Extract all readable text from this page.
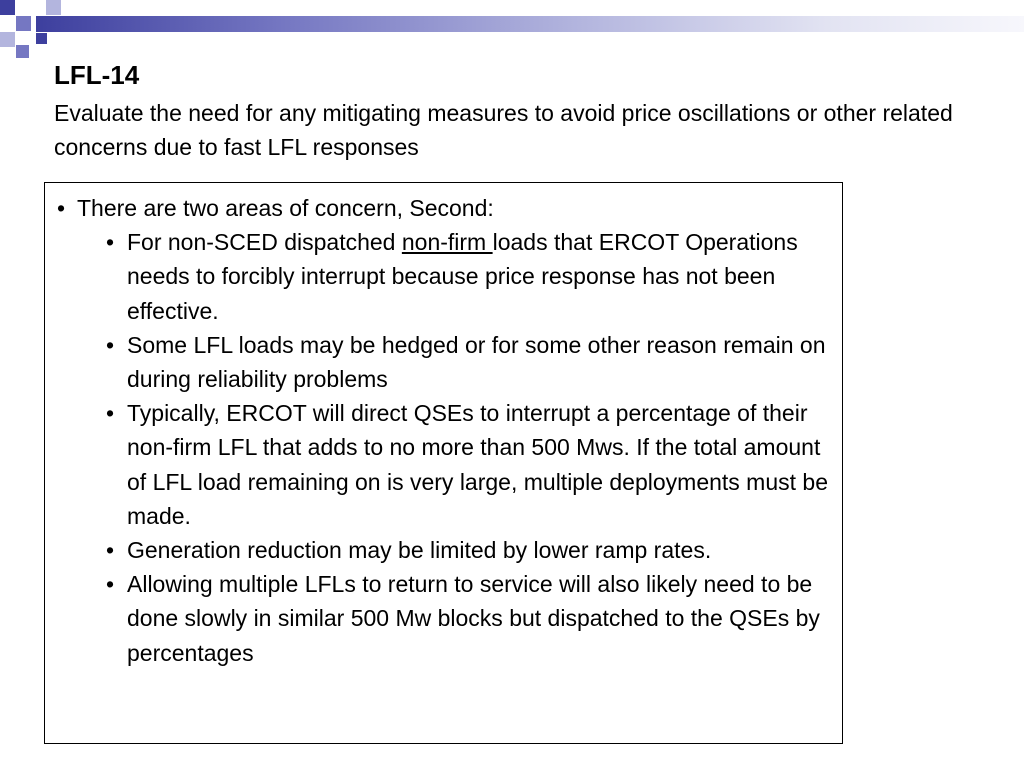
LFL-14
Evaluate the need for any mitigating measures to avoid price oscillations or other related concerns due to fast LFL responses

• There are two areas of concern, Second:

• For non-SCED dispatched non-firm loads that ERCOT Operations needs to forcibly interrupt because price response has not been effective.

• Some LFL loads may be hedged or for some other reason remain on during reliability problems

• Typically, ERCOT will direct QSEs to interrupt a percentage of their non-firm LFL that adds to no more than 500 Mws. If the total amount of LFL load remaining on is very large, multiple deployments must be made.

• Generation reduction may be limited by lower ramp rates.

• Allowing multiple LFLs to return to service will also likely need to be done slowly in similar 500 Mw blocks but dispatched to the QSEs by percentages
